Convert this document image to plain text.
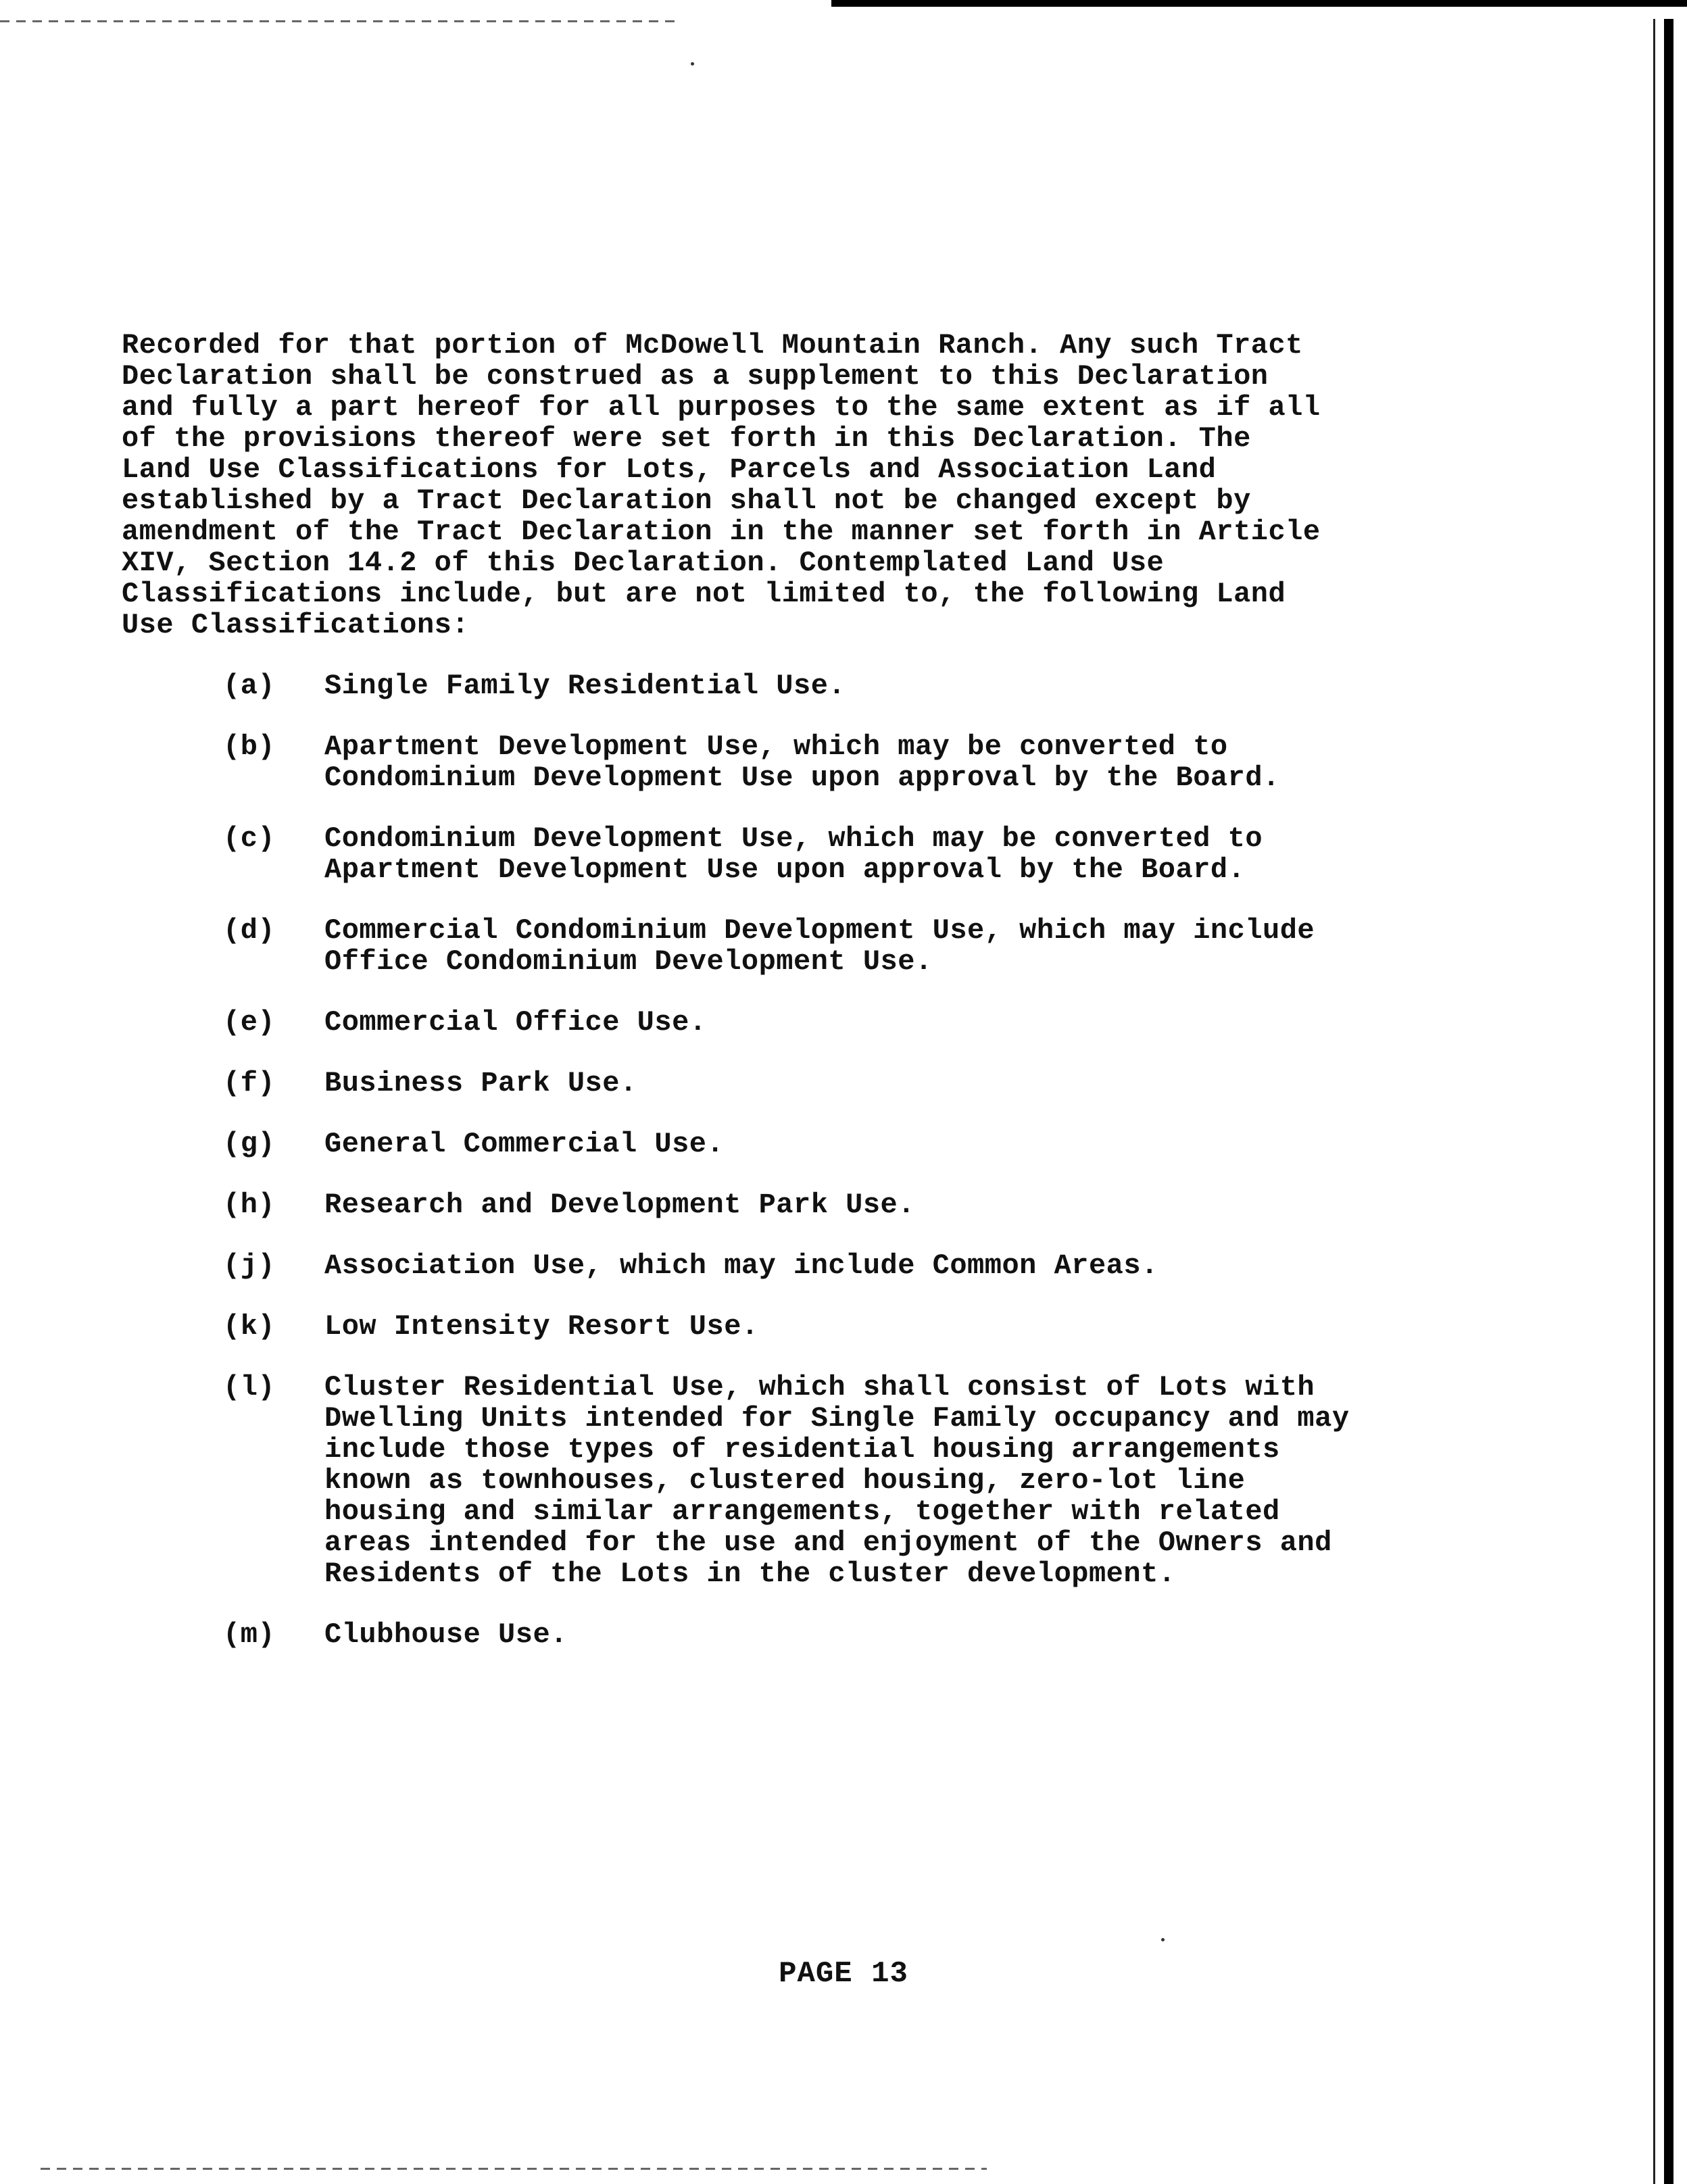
Recorded for that portion of McDowell Mountain Ranch. Any such Tract
Declaration shall be construed as a supplement to this Declaration
and fully a part hereof for all purposes to the same extent as if all
of the provisions thereof were set forth in this Declaration. The
Land Use Classifications for Lots, Parcels and Association Land
established by a Tract Declaration shall not be changed except by
amendment of the Tract Declaration in the manner set forth in Article
XIV, Section 14.2 of this Declaration. Contemplated Land Use
Classifications include, but are not limited to, the following Land
Use Classifications:

(a)	Single Family Residential Use.
(b)	Apartment Development Use, which may be converted to
Condominium Development Use upon approval by the Board.
(c)	Condominium Development Use, which may be converted to
Apartment Development Use upon approval by the Board.
(d)	Commercial Condominium Development Use, which may include
Office Condominium Development Use.
(e)	Commercial Office Use.
(f)	Business Park Use.
(g)	General Commercial Use.
(h)	Research and Development Park Use.
(j)	Association Use, which may include Common Areas.
(k)	Low Intensity Resort Use.
(l)	Cluster Residential Use, which shall consist of Lots with
Dwelling Units intended for Single Family occupancy and may
include those types of residential housing arrangements
known as townhouses, clustered housing, zero-lot line
housing and similar arrangements, together with related
areas intended for the use and enjoyment of the Owners and
Residents of the Lots in the cluster development.
(m)	Clubhouse Use.
PAGE 13
